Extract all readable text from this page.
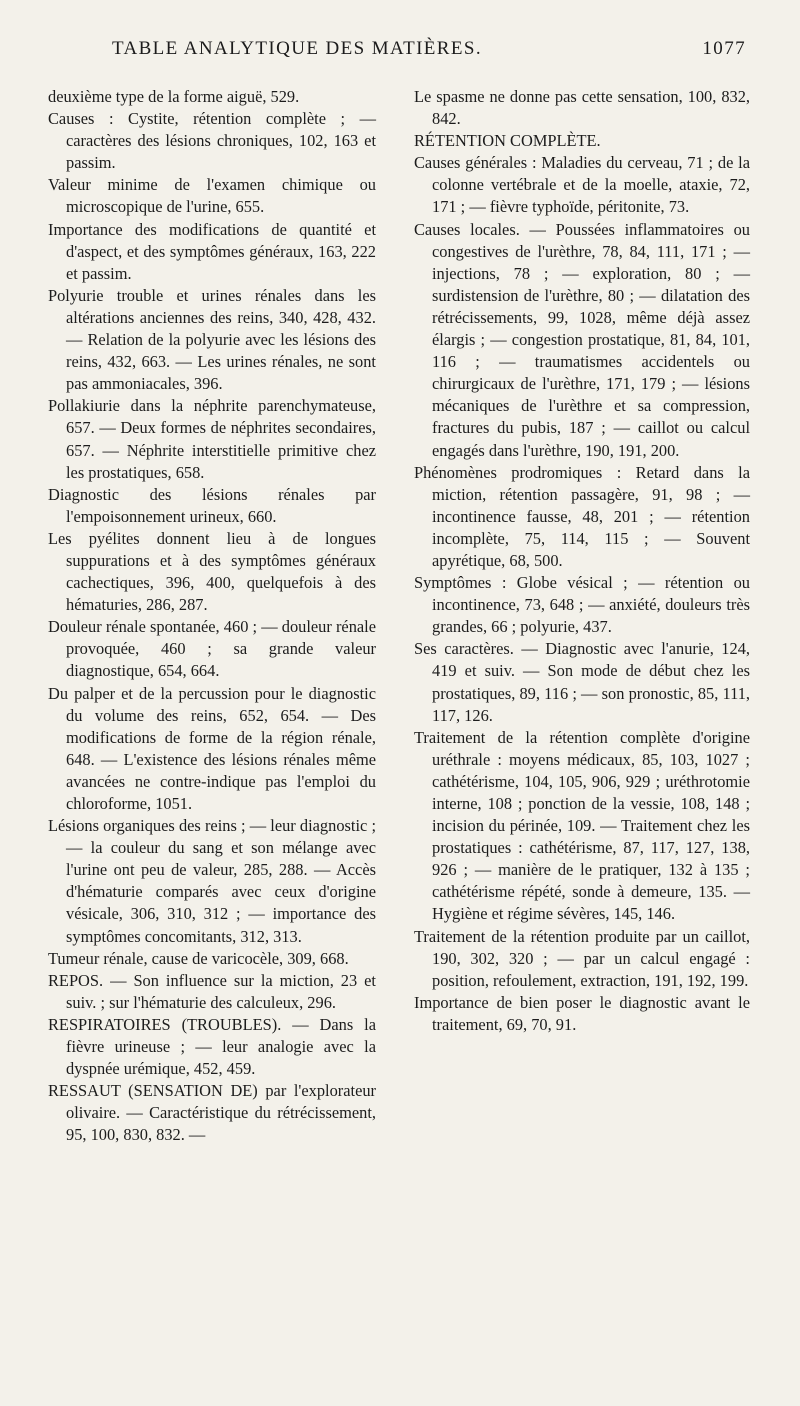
TABLE ANALYTIQUE DES MATIÈRES.	1077

deuxième type de la forme aiguë, 529.

Causes : Cystite, rétention complète ; — caractères des lésions chroniques, 102, 163 et passim.

Valeur minime de l'examen chimique ou microscopique de l'urine, 655.

Importance des modifications de quantité et d'aspect, et des symptômes généraux, 163, 222 et passim.

Polyurie trouble et urines rénales dans les altérations anciennes des reins, 340, 428, 432. — Relation de la polyurie avec les lésions des reins, 432, 663. — Les urines rénales, ne sont pas ammoniacales, 396.

Pollakiurie dans la néphrite parenchymateuse, 657. — Deux formes de néphrites secondaires, 657. — Néphrite interstitielle primitive chez les prostatiques, 658.

Diagnostic des lésions rénales par l'empoisonnement urineux, 660.

Les pyélites donnent lieu à de longues suppurations et à des symptômes généraux cachectiques, 396, 400, quelquefois à des hématuries, 286, 287.

Douleur rénale spontanée, 460 ; — douleur rénale provoquée, 460 ; sa grande valeur diagnostique, 654, 664.

Du palper et de la percussion pour le diagnostic du volume des reins, 652, 654. — Des modifications de forme de la région rénale, 648. — L'existence des lésions rénales même avancées ne contre-indique pas l'emploi du chloroforme, 1051.

Lésions organiques des reins ; — leur diagnostic ; — la couleur du sang et son mélange avec l'urine ont peu de valeur, 285, 288. — Accès d'hématurie comparés avec ceux d'origine vésicale, 306, 310, 312 ; — importance des symptômes concomitants, 312, 313.

Tumeur rénale, cause de varicocèle, 309, 668.

REPOS. — Son influence sur la miction, 23 et suiv. ; sur l'hématurie des calculeux, 296.

RESPIRATOIRES (TROUBLES). — Dans la fièvre urineuse ; — leur analogie avec la dyspnée urémique, 452, 459.

RESSAUT (SENSATION DE) par l'explorateur olivaire. — Caractéristique du rétrécissement, 95, 100, 830, 832. —

Le spasme ne donne pas cette sensation, 100, 832, 842.

RÉTENTION COMPLÈTE.

Causes générales : Maladies du cerveau, 71 ; de la colonne vertébrale et de la moelle, ataxie, 72, 171 ; — fièvre typhoïde, péritonite, 73.

Causes locales. — Poussées inflammatoires ou congestives de l'urèthre, 78, 84, 111, 171 ; — injections, 78 ; — exploration, 80 ; — surdistension de l'urèthre, 80 ; — dilatation des rétrécissements, 99, 1028, même déjà assez élargis ; — congestion prostatique, 81, 84, 101, 116 ; — traumatismes accidentels ou chirurgicaux de l'urèthre, 171, 179 ; — lésions mécaniques de l'urèthre et sa compression, fractures du pubis, 187 ; — caillot ou calcul engagés dans l'urèthre, 190, 191, 200.

Phénomènes prodromiques : Retard dans la miction, rétention passagère, 91, 98 ; — incontinence fausse, 48, 201 ; — rétention incomplète, 75, 114, 115 ; — Souvent apyrétique, 68, 500.

Symptômes : Globe vésical ; — rétention ou incontinence, 73, 648 ; — anxiété, douleurs très grandes, 66 ; polyurie, 437.

Ses caractères. — Diagnostic avec l'anurie, 124, 419 et suiv. — Son mode de début chez les prostatiques, 89, 116 ; — son pronostic, 85, 111, 117, 126.

Traitement de la rétention complète d'origine uréthrale : moyens médicaux, 85, 103, 1027 ; cathétérisme, 104, 105, 906, 929 ; uréthrotomie interne, 108 ; ponction de la vessie, 108, 148 ; incision du périnée, 109. — Traitement chez les prostatiques : cathétérisme, 87, 117, 127, 138, 926 ; — manière de le pratiquer, 132 à 135 ; cathétérisme répété, sonde à demeure, 135. — Hygiène et régime sévères, 145, 146.

Traitement de la rétention produite par un caillot, 190, 302, 320 ; — par un calcul engagé : position, refoulement, extraction, 191, 192, 199.

Importance de bien poser le diagnostic avant le traitement, 69, 70, 91.
